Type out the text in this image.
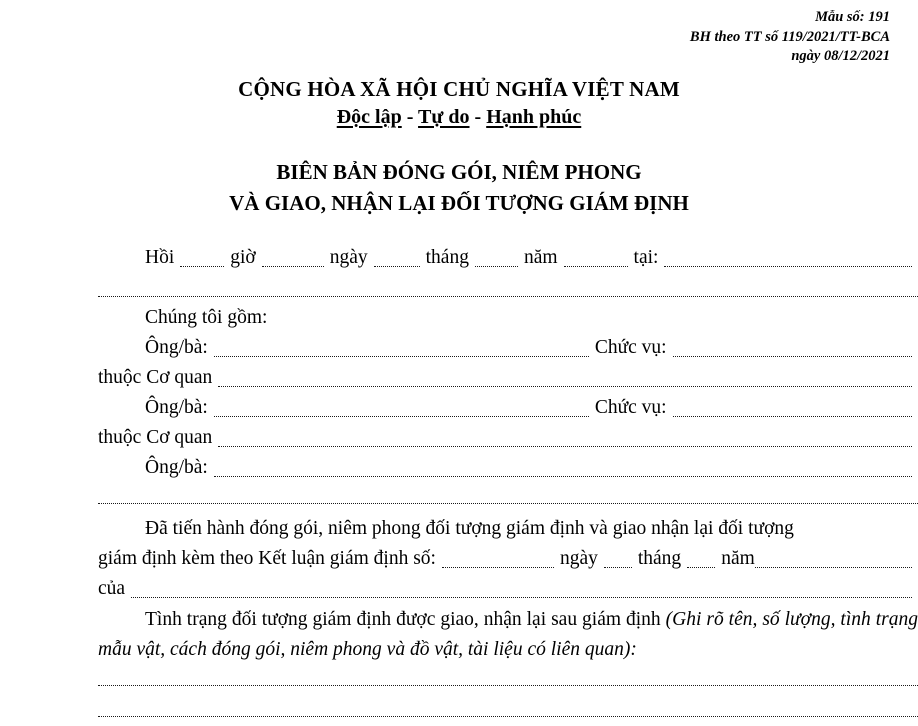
Mẫu số: 191
BH theo TT số 119/2021/TT-BCA
ngày 08/12/2021
CỘNG HÒA XÃ HỘI CHỦ NGHĨA VIỆT NAM
Độc lập - Tự do - Hạnh phúc
BIÊN BẢN ĐÓNG GÓI, NIÊM PHONG
VÀ GIAO, NHẬN LẠI ĐỐI TƯỢNG GIÁM ĐỊNH
Hồi	giờ	ngày	tháng	năm	tại:
Chúng tôi gồm:
Ông/bà:	Chức vụ:
thuộc Cơ quan
Ông/bà:	Chức vụ:
thuộc Cơ quan
Ông/bà:
Đã tiến hành đóng gói, niêm phong đối tượng giám định và giao nhận lại đối tượng
giám định kèm theo Kết luận giám định số:	ngày tháng năm
của
Tình trạng đối tượng giám định được giao, nhận lại sau giám định (Ghi rõ tên, số lượng, tình trạng mẫu vật, cách đóng gói, niêm phong và đồ vật, tài liệu có liên quan):
